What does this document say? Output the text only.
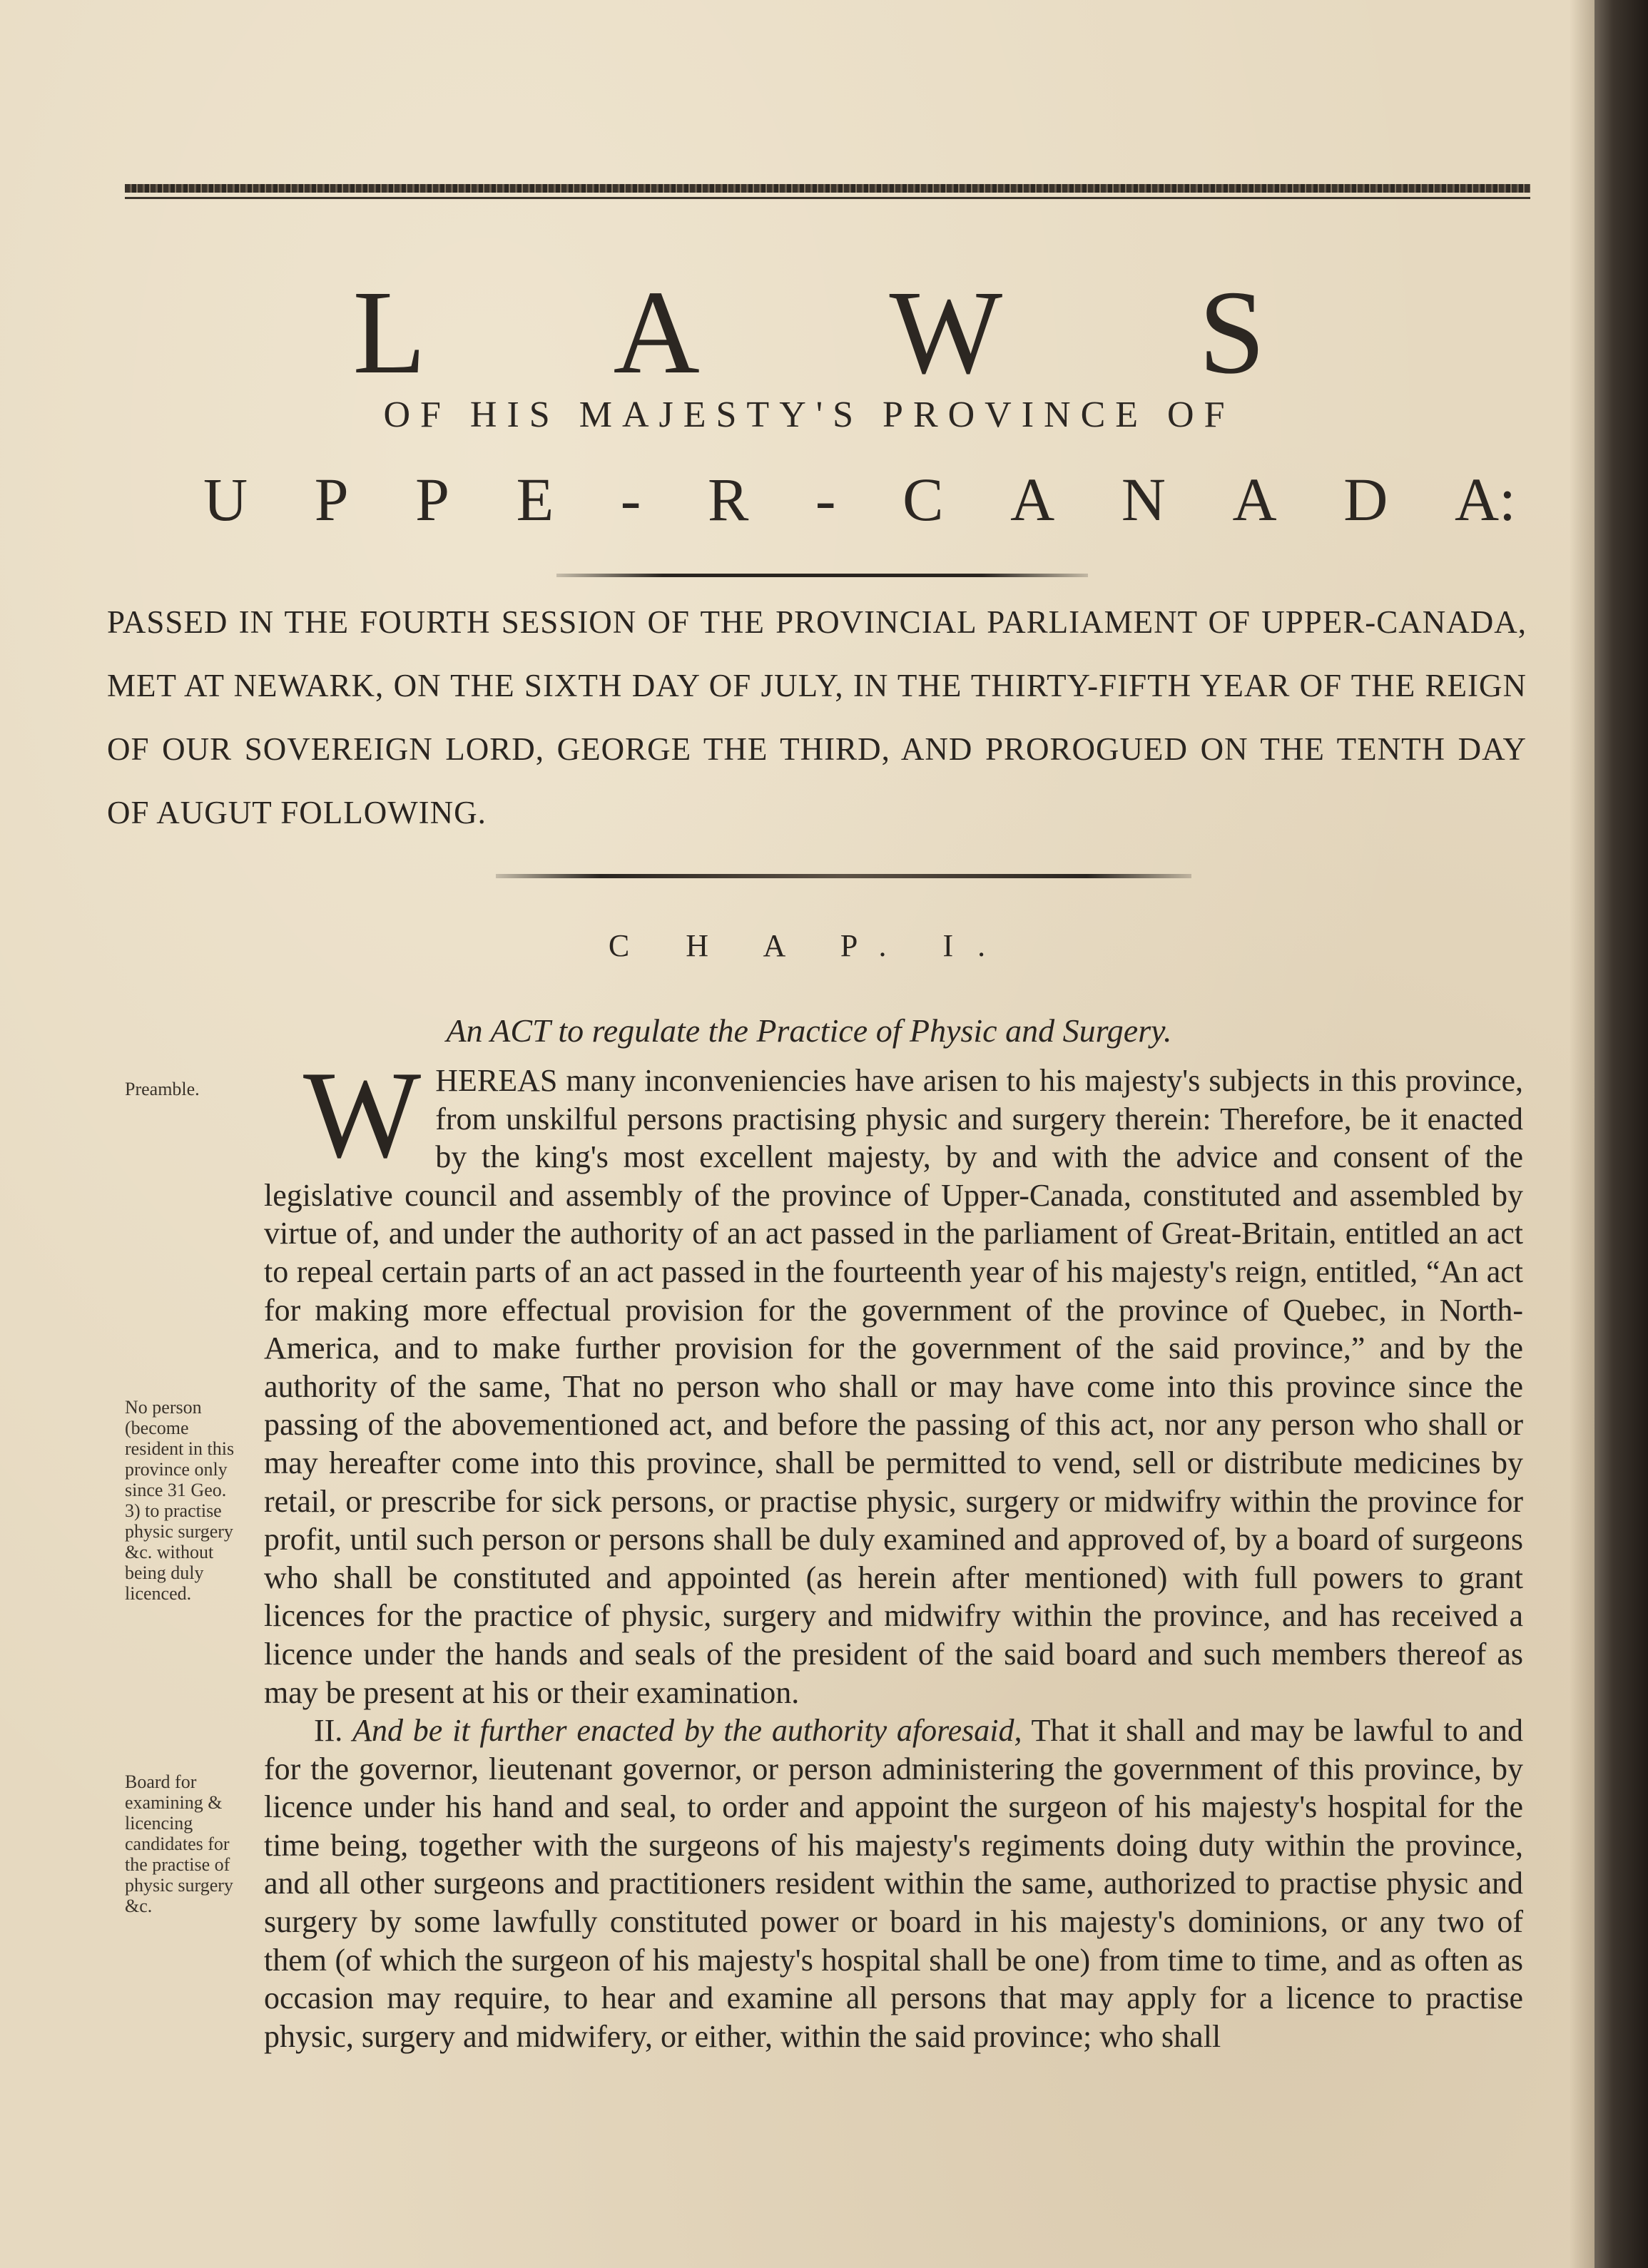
L A W S
OF HIS MAJESTY'S PROVINCE OF
U P P E - R - C A N A D A:
PASSED IN THE FOURTH SESSION OF THE PROVINCIAL PARLIAMENT OF UPPER-CANADA, MET AT NEWARK, ON THE SIXTH DAY OF JULY, IN THE THIRTY-FIFTH YEAR OF THE REIGN OF OUR SOVEREIGN LORD, GEORGE THE THIRD, AND PROROGUED ON THE TENTH DAY OF AUGUT FOLLOWING.
C H A P. I.
An ACT to regulate the Practice of Physic and Surgery.
Preamble.
No person (become resident in this province only since 31 Geo. 3) to practise physic surgery &c. without being duly licenced.
Board for examining & licencing candidates for the practise of physic surgery &c.

WHEREAS many inconveniencies have arisen to his majesty's subjects in this province, from unskilful persons practising physic and surgery therein: Therefore, be it enacted by the king's most excellent majesty, by and with the advice and consent of the legislative council and assembly of the province of Upper-Canada, constituted and assembled by virtue of, and under the authority of an act passed in the parliament of Great-Britain, entitled an act to repeal certain parts of an act passed in the fourteenth year of his majesty's reign, entitled, “An act for making more effectual provision for the government of the province of Quebec, in North-America, and to make further provision for the government of the said province,” and by the authority of the same, That no person who shall or may have come into this province since the passing of the abovementioned act, and before the passing of this act, nor any person who shall or may hereafter come into this province, shall be permitted to vend, sell or distribute medicines by retail, or prescribe for sick persons, or practise physic, surgery or midwifry within the province for profit, until such person or persons shall be duly examined and approved of, by a board of surgeons who shall be constituted and appointed (as herein after mentioned) with full powers to grant licences for the practice of physic, surgery and midwifry within the province, and has received a licence under the hands and seals of the president of the said board and such members thereof as may be present at his or their examination.

II. And be it further enacted by the authority aforesaid, That it shall and may be lawful to and for the governor, lieutenant governor, or person administering the government of this province, by licence under his hand and seal, to order and appoint the surgeon of his majesty's hospital for the time being, together with the surgeons of his majesty's regiments doing duty within the province, and all other surgeons and practitioners resident within the same, authorized to practise physic and surgery by some lawfully constituted power or board in his majesty's dominions, or any two of them (of which the surgeon of his majesty's hospital shall be one) from time to time, and as often as occasion may require, to hear and examine all persons that may apply for a licence to practise physic, surgery and midwifery, or either, within the said province; who shall
